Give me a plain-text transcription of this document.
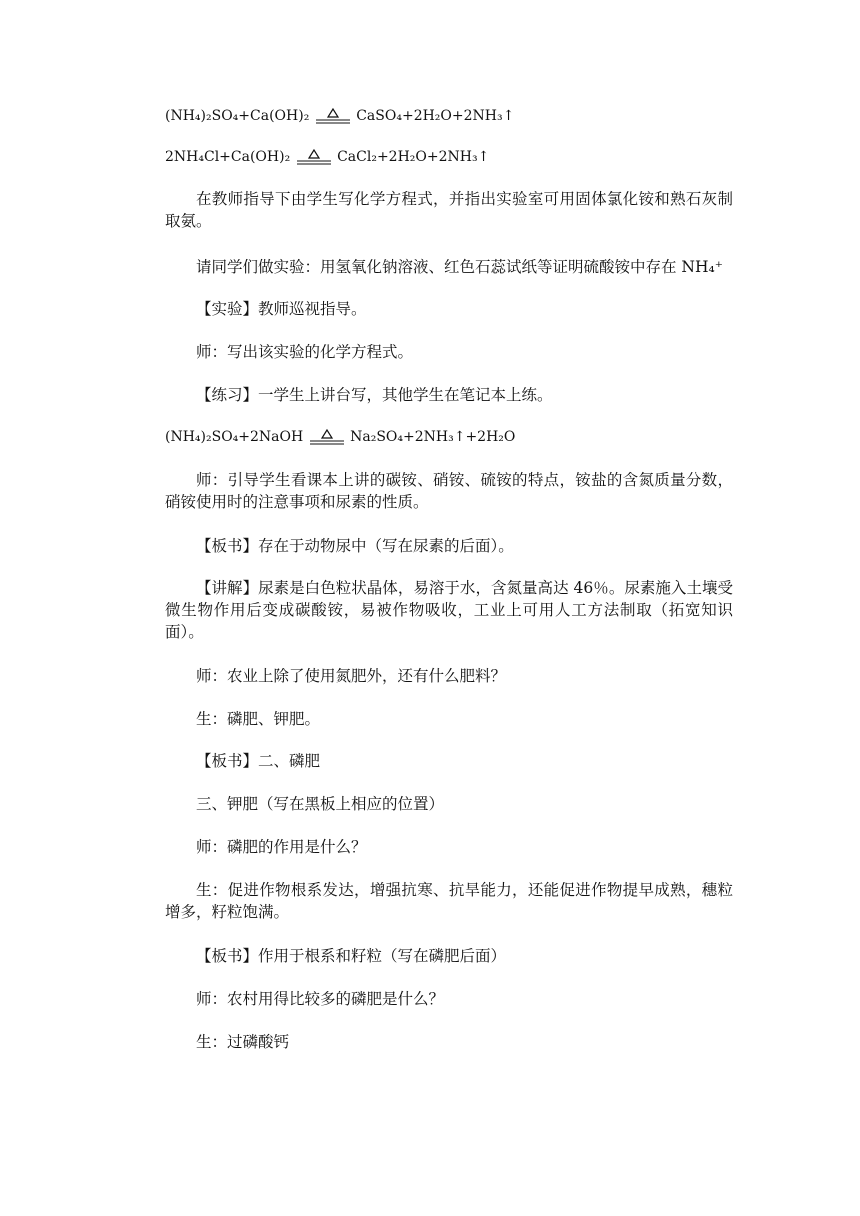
(NH₄)₂SO₄+Ca(OH)₂	CaSO₄+2H₂O+2NH₃↑
2NH₄Cl+Ca(OH)₂	CaCl₂+2H₂O+2NH₃↑
在教师指导下由学生写化学方程式，并指出实验室可用固体氯化铵和熟石灰制取氨。
请同学们做实验：用氢氧化钠溶液、红色石蕊试纸等证明硫酸铵中存在 NH₄⁺
【实验】教师巡视指导。
师：写出该实验的化学方程式。
【练习】一学生上讲台写，其他学生在笔记本上练。
(NH₄)₂SO₄+2NaOH	Na₂SO₄+2NH₃↑+2H₂O
师：引导学生看课本上讲的碳铵、硝铵、硫铵的特点，铵盐的含氮质量分数，硝铵使用时的注意事项和尿素的性质。
【板书】存在于动物尿中（写在尿素的后面）。
【讲解】尿素是白色粒状晶体，易溶于水，含氮量高达 46％。尿素施入土壤受微生物作用后变成碳酸铵，易被作物吸收，工业上可用人工方法制取（拓宽知识面）。
师：农业上除了使用氮肥外，还有什么肥料？
生：磷肥、钾肥。
【板书】二、磷肥
三、钾肥（写在黑板上相应的位置）
师：磷肥的作用是什么？
生：促进作物根系发达，增强抗寒、抗旱能力，还能促进作物提早成熟，穗粒增多，籽粒饱满。
【板书】作用于根系和籽粒（写在磷肥后面）
师：农村用得比较多的磷肥是什么？
生：过磷酸钙
